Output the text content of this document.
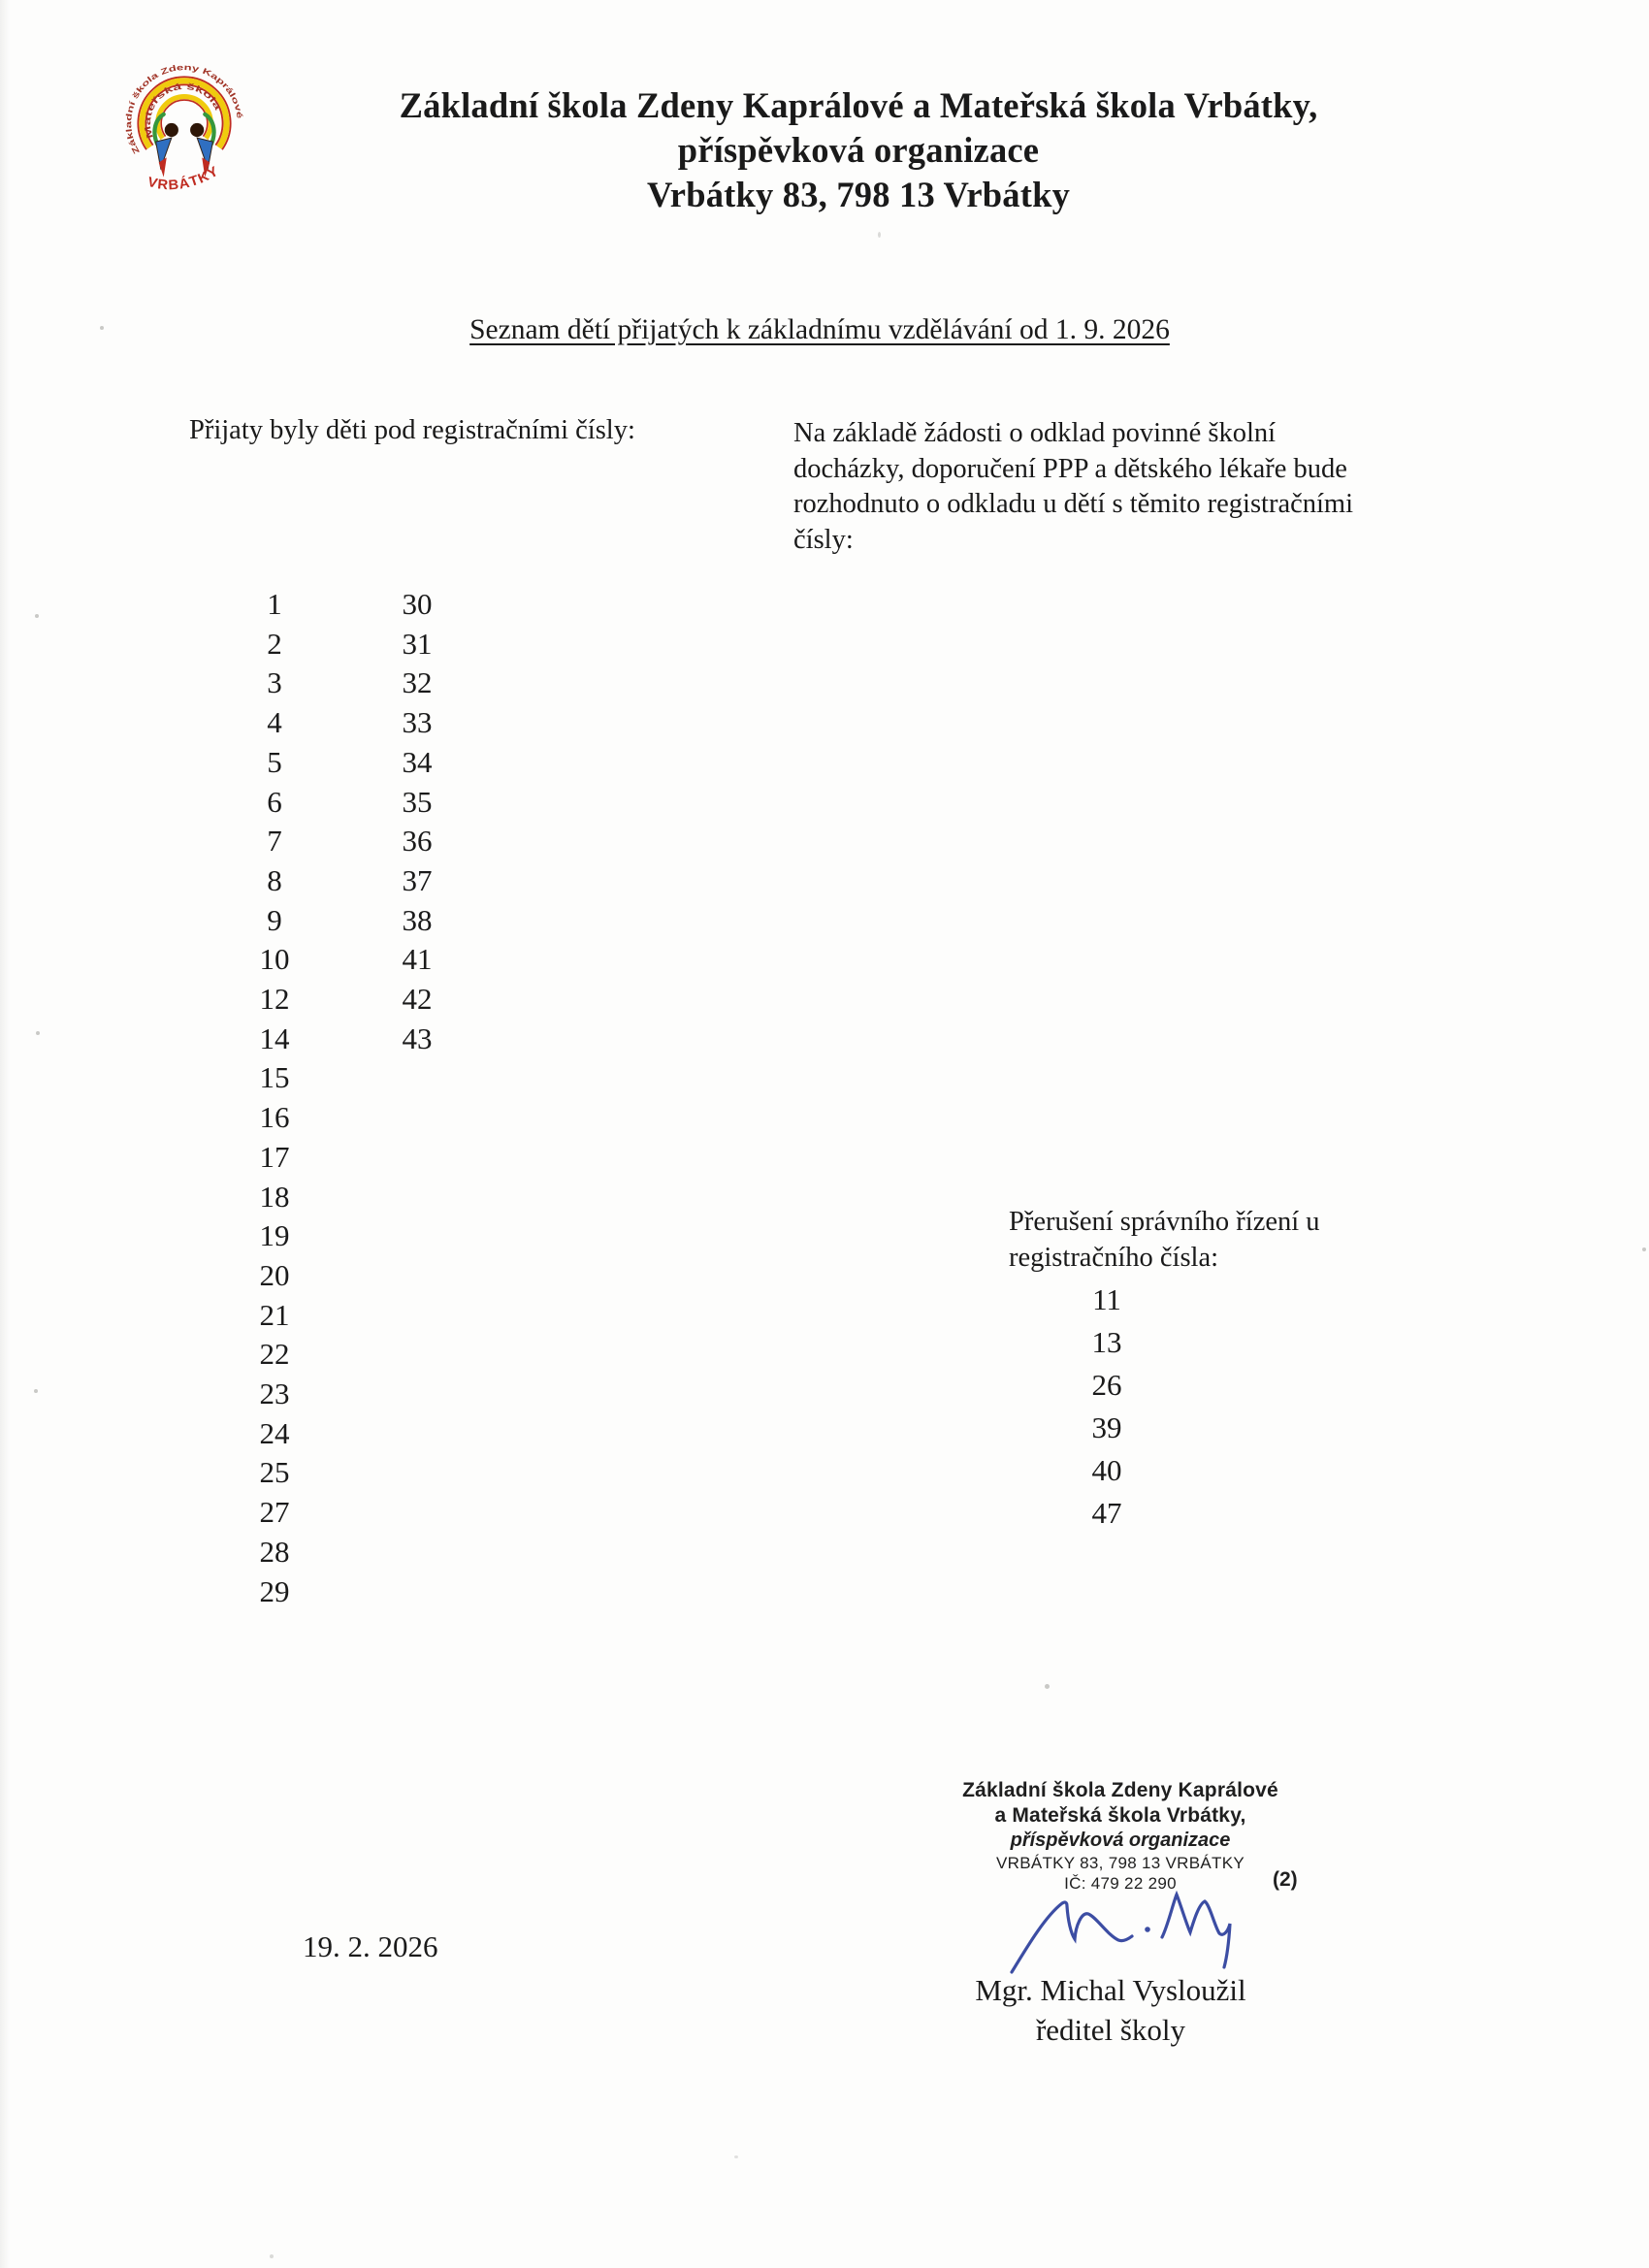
Základní škola Zdeny Kaprálové
Mateřská škola
VRBÁTKY
Základní škola Zdeny Kaprálové a Mateřská škola Vrbátky,
příspěvková organizace
Vrbátky 83, 798 13 Vrbátky
Seznam dětí přijatých k základnímu vzdělávání od 1. 9. 2026
Přijaty byly děti pod registračními čísly:	Na základě žádosti o odklad povinné školní
docházky, doporučení PPP a dětského lékaře bude
rozhodnuto o odkladu u dětí s těmito registračními
čísly:
1
2
3
4
5
6
7
8
9
10
12
14
15
16
17
18
19
20
21
22
23
24
25
27
28
29
30
31
32
33
34
35
36
37
38
41
42
43
Přerušení správního řízení u
registračního čísla:
11
13
26
39
40
47
19. 2. 2026
Základní škola Zdeny Kaprálové
a Mateřská škola Vrbátky,
příspěvková organizace
VRBÁTKY 83, 798 13 VRBÁTKY
IČ: 479 22 290	(2)
Mgr. Michal Vysloužil
ředitel školy
